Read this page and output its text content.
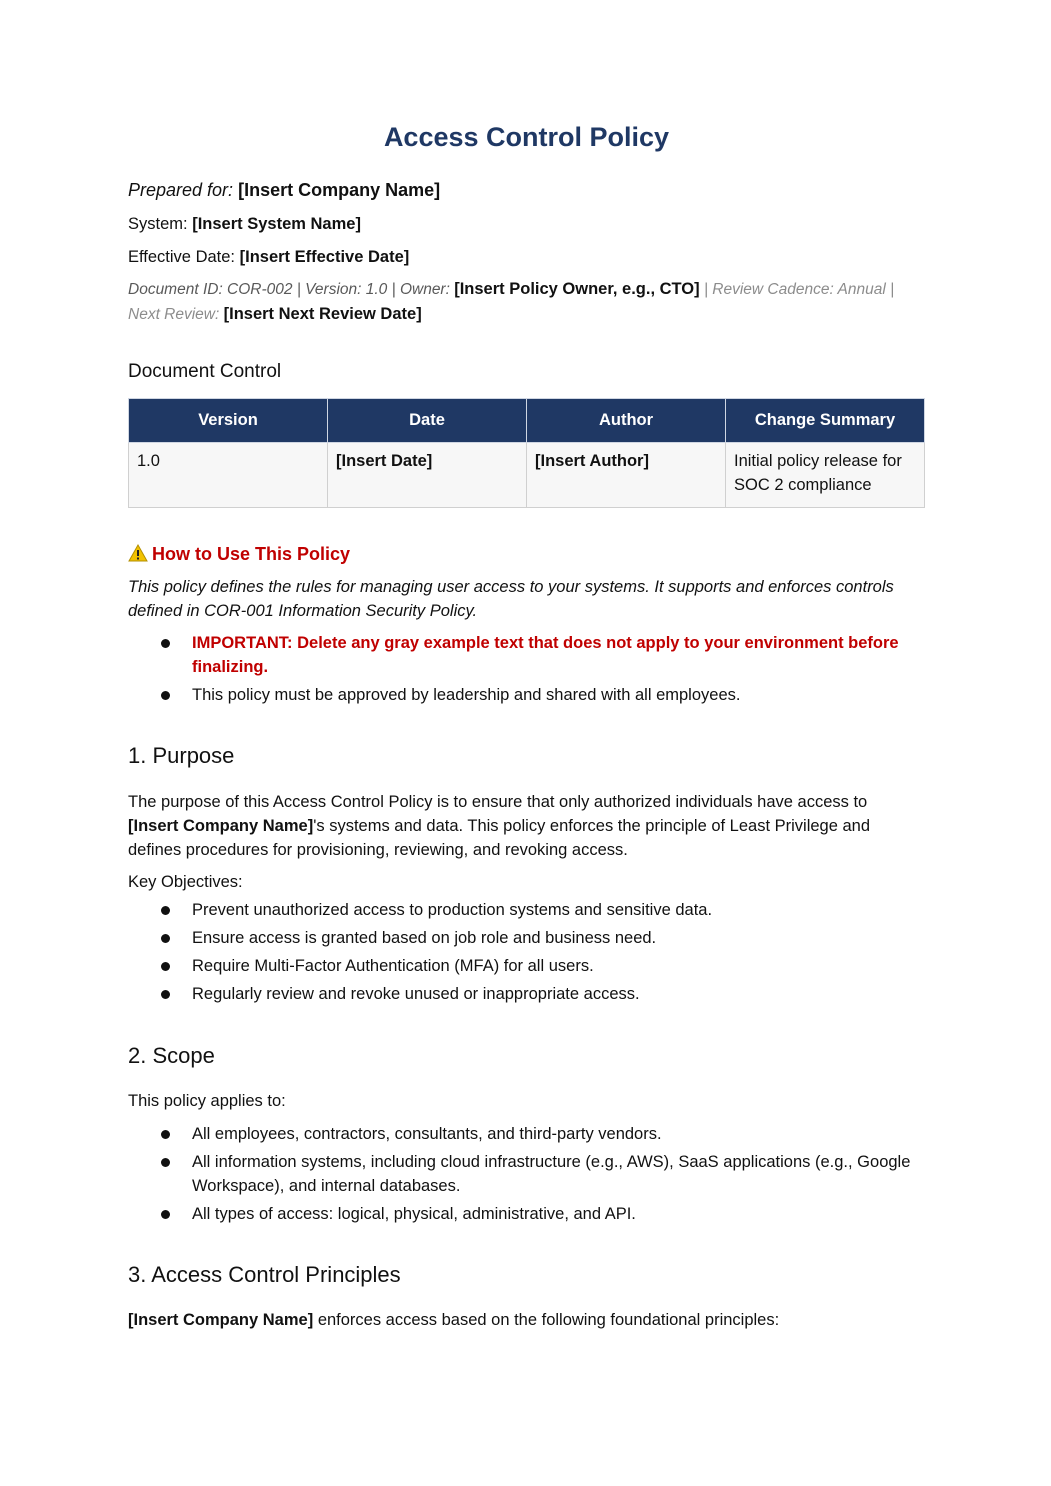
Access Control Policy
Prepared for: [Insert Company Name]
System: [Insert System Name]
Effective Date: [Insert Effective Date]
Document ID: COR-002 | Version: 1.0 | Owner: [Insert Policy Owner, e.g., CTO] | Review Cadence: Annual | Next Review: [Insert Next Review Date]
Document Control
Version	Date	Author	Change Summary
1.0	[Insert Date]	[Insert Author]	Initial policy release for SOC 2 compliance
How to Use This Policy
This policy defines the rules for managing user access to your systems. It supports and enforces controls defined in COR-001 Information Security Policy.
IMPORTANT: Delete any gray example text that does not apply to your environment before finalizing.
This policy must be approved by leadership and shared with all employees.
1. Purpose
The purpose of this Access Control Policy is to ensure that only authorized individuals have access to
[Insert Company Name]'s systems and data. This policy enforces the principle of Least Privilege and defines procedures for provisioning, reviewing, and revoking access.
Key Objectives:
Prevent unauthorized access to production systems and sensitive data.
Ensure access is granted based on job role and business need.
Require Multi-Factor Authentication (MFA) for all users.
Regularly review and revoke unused or inappropriate access.
2. Scope
This policy applies to:
All employees, contractors, consultants, and third-party vendors.
All information systems, including cloud infrastructure (e.g., AWS), SaaS applications (e.g., Google Workspace), and internal databases.
All types of access: logical, physical, administrative, and API.
3. Access Control Principles
[Insert Company Name] enforces access based on the following foundational principles:
